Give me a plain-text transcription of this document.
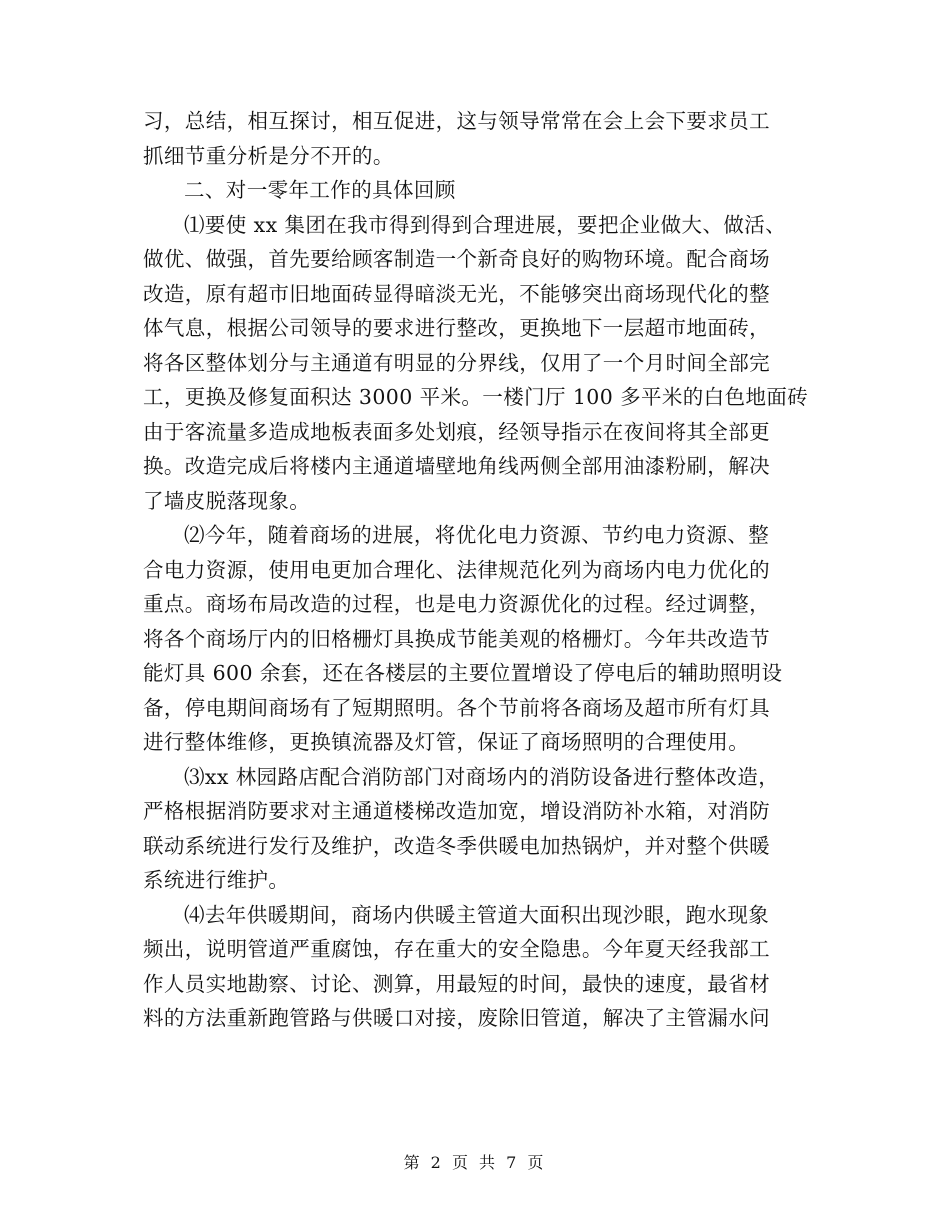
习，总结，相互探讨，相互促进，这与领导常常在会上会下要求员工
抓细节重分析是分不开的。
二、对一零年工作的具体回顾
⑴要使 xx 集团在我市得到得到合理进展，要把企业做大、做活、
做优、做强，首先要给顾客制造一个新奇良好的购物环境。配合商场
改造，原有超市旧地面砖显得暗淡无光，不能够突出商场现代化的整
体气息，根据公司领导的要求进行整改，更换地下一层超市地面砖，
将各区整体划分与主通道有明显的分界线，仅用了一个月时间全部完
工，更换及修复面积达 3000 平米。一楼门厅 100 多平米的白色地面砖
由于客流量多造成地板表面多处划痕，经领导指示在夜间将其全部更
换。改造完成后将楼内主通道墙壁地角线两侧全部用油漆粉刷，解决
了墙皮脱落现象。
⑵今年，随着商场的进展，将优化电力资源、节约电力资源、整
合电力资源，使用电更加合理化、法律规范化列为商场内电力优化的
重点。商场布局改造的过程，也是电力资源优化的过程。经过调整，
将各个商场厅内的旧格栅灯具换成节能美观的格栅灯。今年共改造节
能灯具 600 余套，还在各楼层的主要位置增设了停电后的辅助照明设
备，停电期间商场有了短期照明。各个节前将各商场及超市所有灯具
进行整体维修，更换镇流器及灯管，保证了商场照明的合理使用。
⑶xx 林园路店配合消防部门对商场内的消防设备进行整体改造，
严格根据消防要求对主通道楼梯改造加宽，增设消防补水箱，对消防
联动系统进行发行及维护，改造冬季供暖电加热锅炉，并对整个供暖
系统进行维护。
⑷去年供暖期间，商场内供暖主管道大面积出现沙眼，跑水现象
频出，说明管道严重腐蚀，存在重大的安全隐患。今年夏天经我部工
作人员实地勘察、讨论、测算，用最短的时间，最快的速度，最省材
料的方法重新跑管路与供暖口对接，废除旧管道，解决了主管漏水问
第 2 页 共 7 页
